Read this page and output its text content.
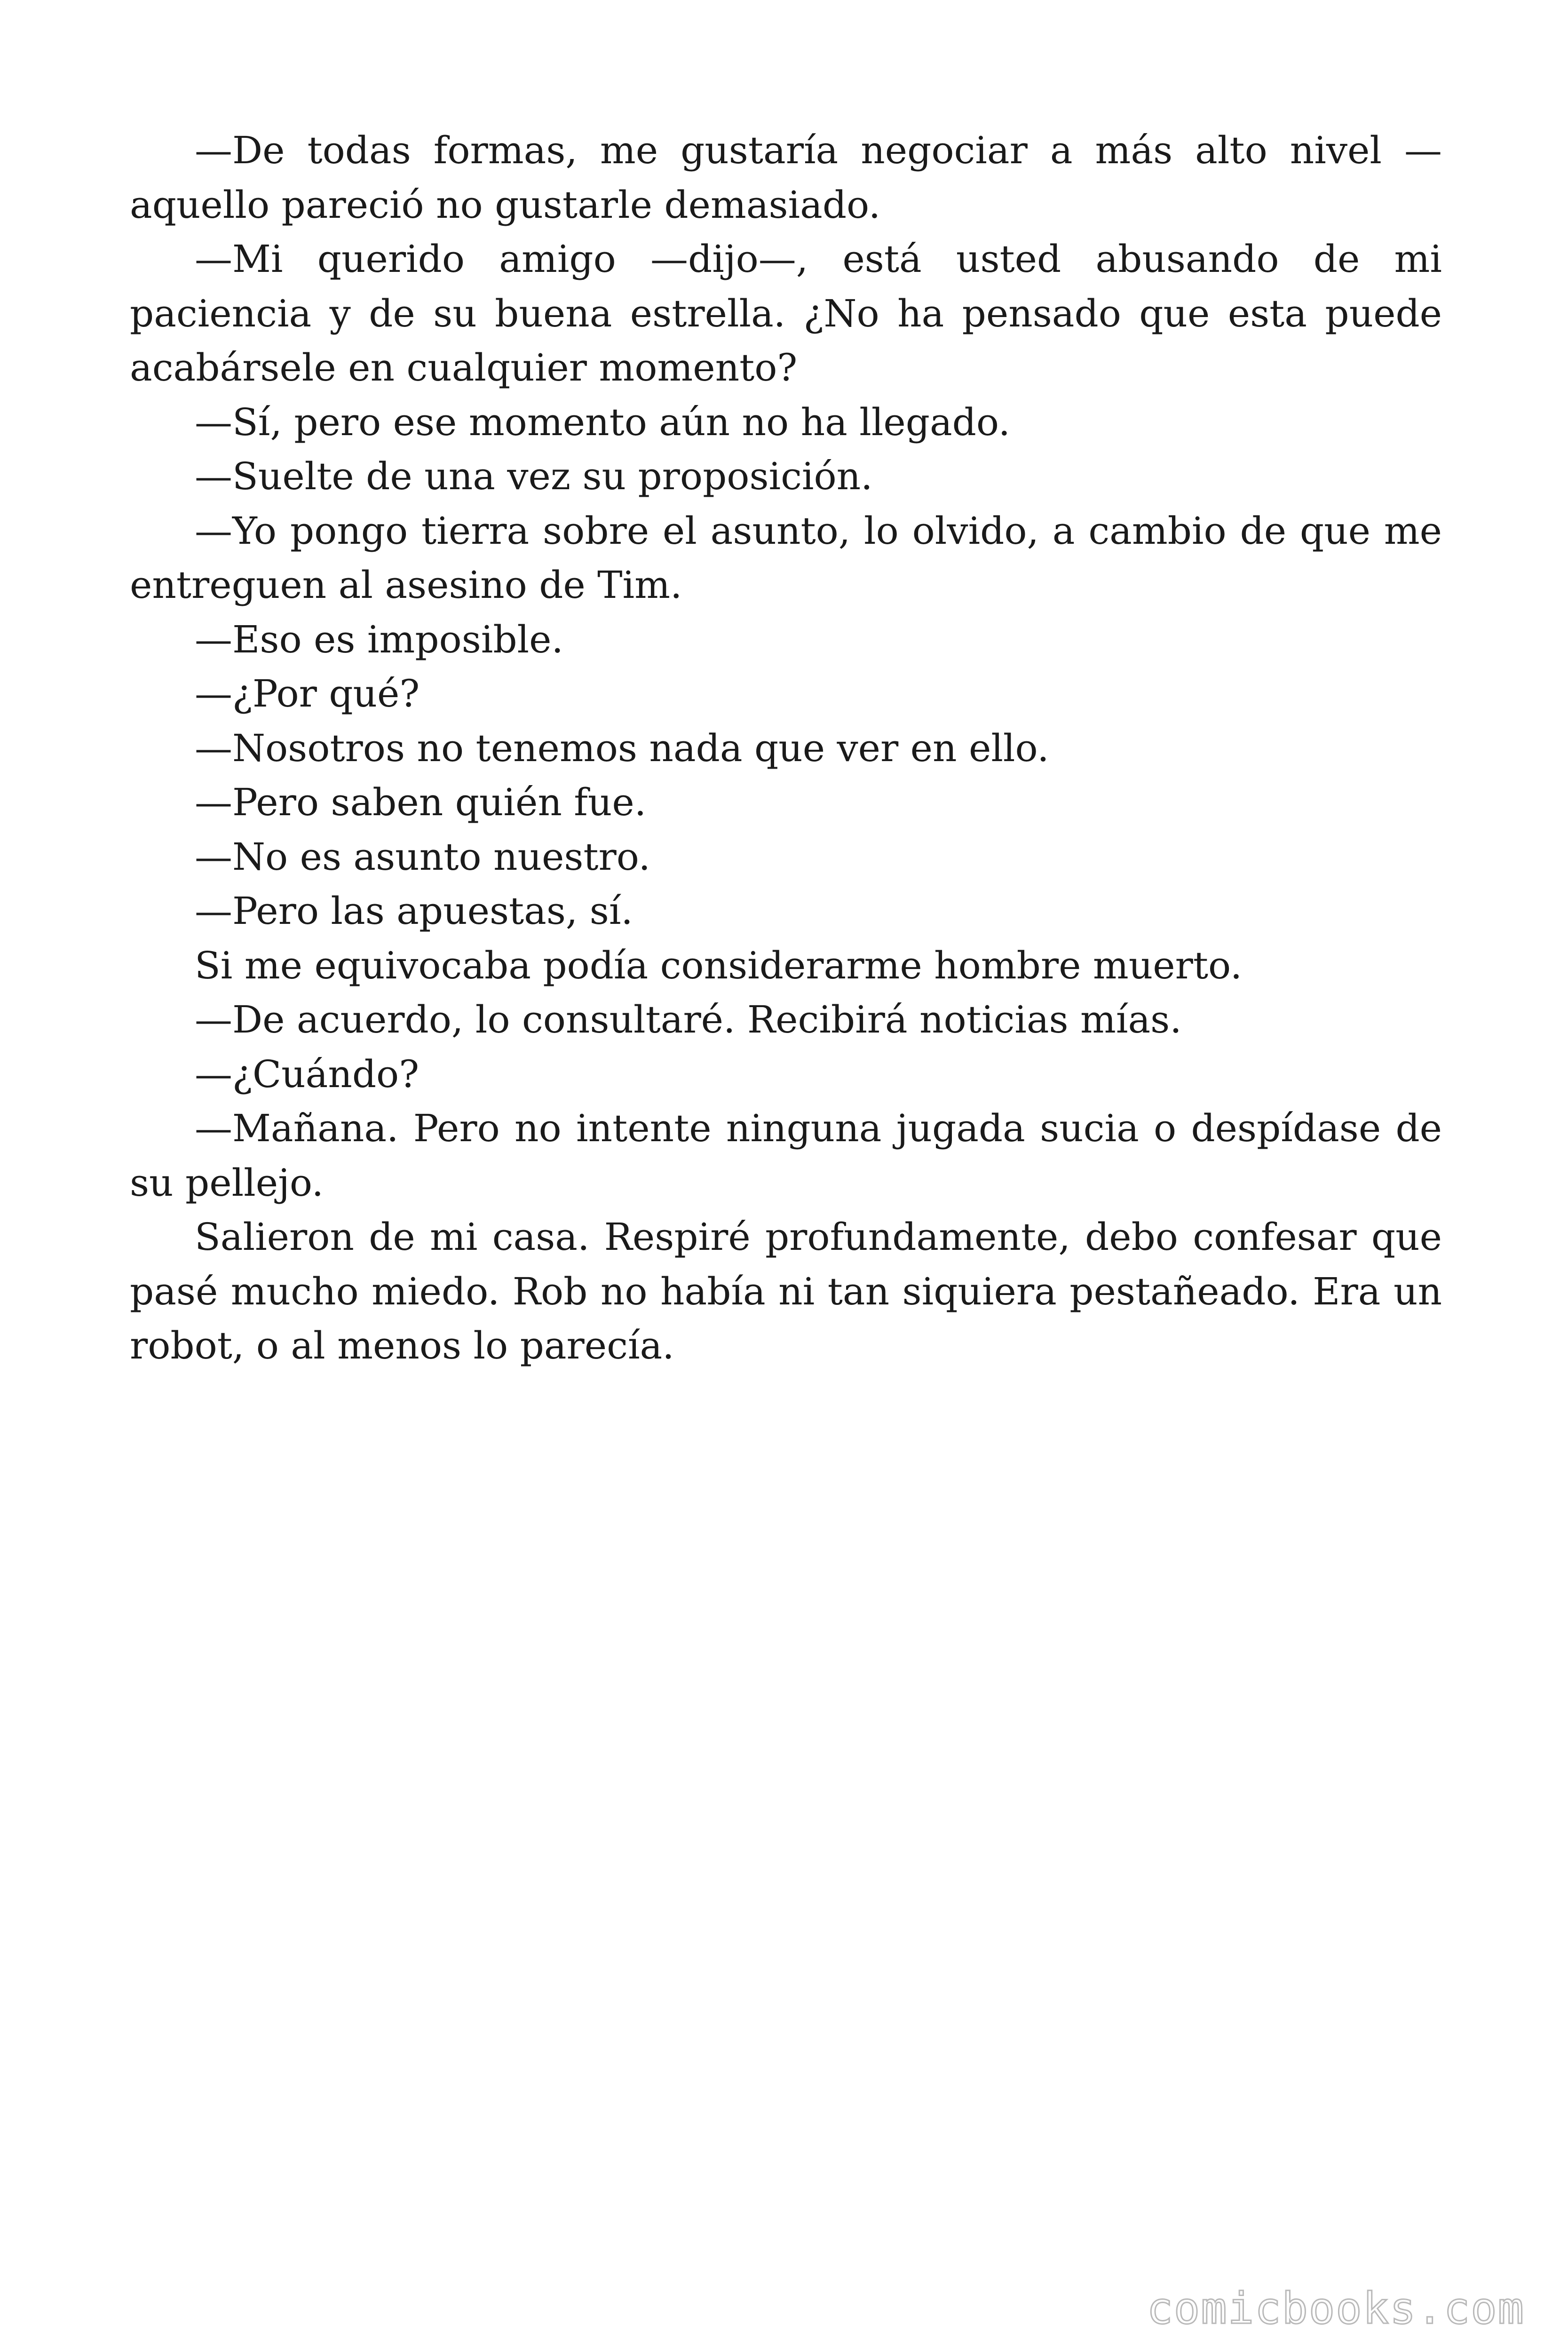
—De todas formas, me gustaría negociar a más alto nivel —aquello pareció no gustarle demasiado.

—Mi querido amigo —dijo—, está usted abusando de mi paciencia y de su buena estrella. ¿No ha pensado que esta puede acabársele en cualquier momento?

—Sí, pero ese momento aún no ha llegado.

—Suelte de una vez su proposición.

—Yo pongo tierra sobre el asunto, lo olvido, a cambio de que me entreguen al asesino de Tim.

—Eso es imposible.

—¿Por qué?

—Nosotros no tenemos nada que ver en ello.

—Pero saben quién fue.

—No es asunto nuestro.

—Pero las apuestas, sí.

Si me equivocaba podía considerarme hombre muerto.

—De acuerdo, lo consultaré. Recibirá noticias mías.

—¿Cuándo?

—Mañana. Pero no intente ninguna jugada sucia o despídase de su pellejo.

Salieron de mi casa. Respiré profundamente, debo confesar que pasé mucho miedo. Rob no había ni tan siquiera pestañeado. Era un robot, o al menos lo parecía.

comicbooks.com
